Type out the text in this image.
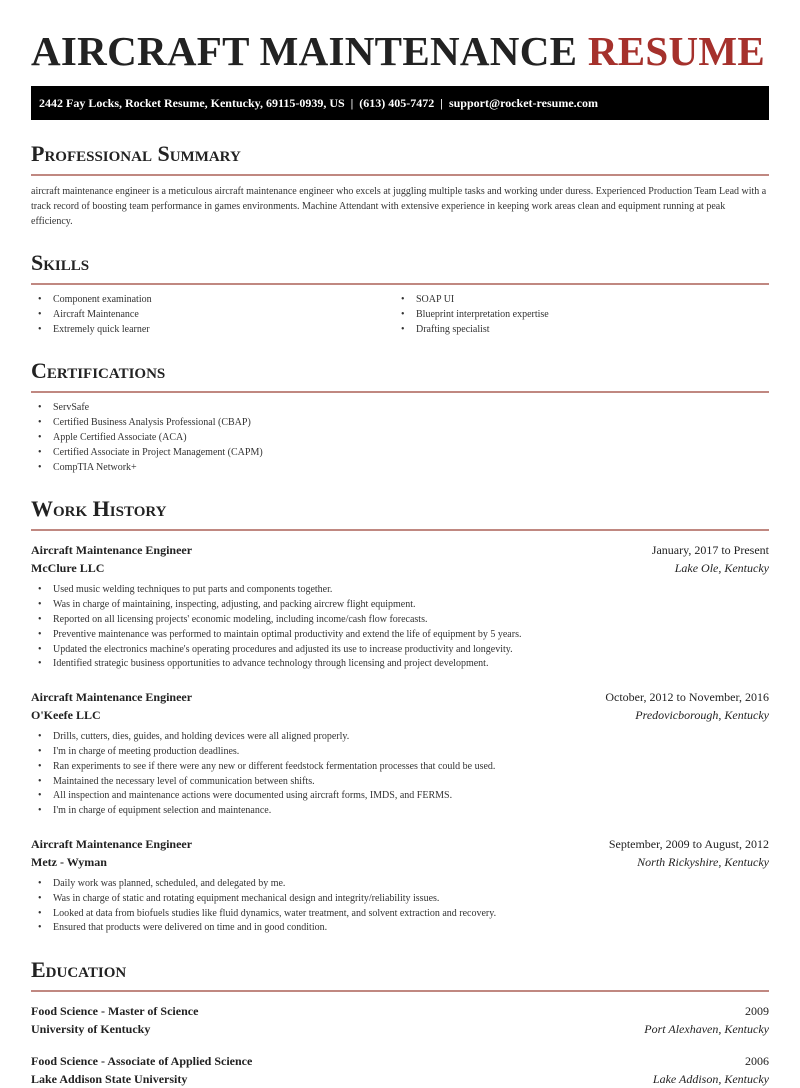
AIRCRAFT MAINTENANCE RESUME
2442 Fay Locks, Rocket Resume, Kentucky, 69115-0939, US  |  (613) 405-7472  |  support@rocket-resume.com
Professional Summary

aircraft maintenance engineer is a meticulous aircraft maintenance engineer who excels at juggling multiple tasks and working under duress. Experienced Production Team Lead with a track record of boosting team performance in games environments. Machine Attendant with extensive experience in keeping work areas clean and equipment running at peak efficiency.

Skills
• Component examination
• Aircraft Maintenance
• Extremely quick learner
• SOAP UI
• Blueprint interpretation expertise
• Drafting specialist
Certifications
• ServSafe
• Certified Business Analysis Professional (CBAP)
• Apple Certified Associate (ACA)
• Certified Associate in Project Management (CAPM)
• CompTIA Network+
Work History
Aircraft Maintenance Engineer	January, 2017 to Present
McClure LLC	Lake Ole, Kentucky
• Used music welding techniques to put parts and components together.
• Was in charge of maintaining, inspecting, adjusting, and packing aircrew flight equipment.
• Reported on all licensing projects' economic modeling, including income/cash flow forecasts.
• Preventive maintenance was performed to maintain optimal productivity and extend the life of equipment by 5 years.
• Updated the electronics machine's operating procedures and adjusted its use to increase productivity and longevity.
• Identified strategic business opportunities to advance technology through licensing and project development.
Aircraft Maintenance Engineer	October, 2012 to November, 2016
O'Keefe LLC	Predovicborough, Kentucky
• Drills, cutters, dies, guides, and holding devices were all aligned properly.
• I'm in charge of meeting production deadlines.
• Ran experiments to see if there were any new or different feedstock fermentation processes that could be used.
• Maintained the necessary level of communication between shifts.
• All inspection and maintenance actions were documented using aircraft forms, IMDS, and FERMS.
• I'm in charge of equipment selection and maintenance.
Aircraft Maintenance Engineer	September, 2009 to August, 2012
Metz - Wyman	North Rickyshire, Kentucky
• Daily work was planned, scheduled, and delegated by me.
• Was in charge of static and rotating equipment mechanical design and integrity/reliability issues.
• Looked at data from biofuels studies like fluid dynamics, water treatment, and solvent extraction and recovery.
• Ensured that products were delivered on time and in good condition.
Education
Food Science - Master of Science	2009
University of Kentucky	Port Alexhaven, Kentucky
Food Science - Associate of Applied Science	2006
Lake Addison State University	Lake Addison, Kentucky
